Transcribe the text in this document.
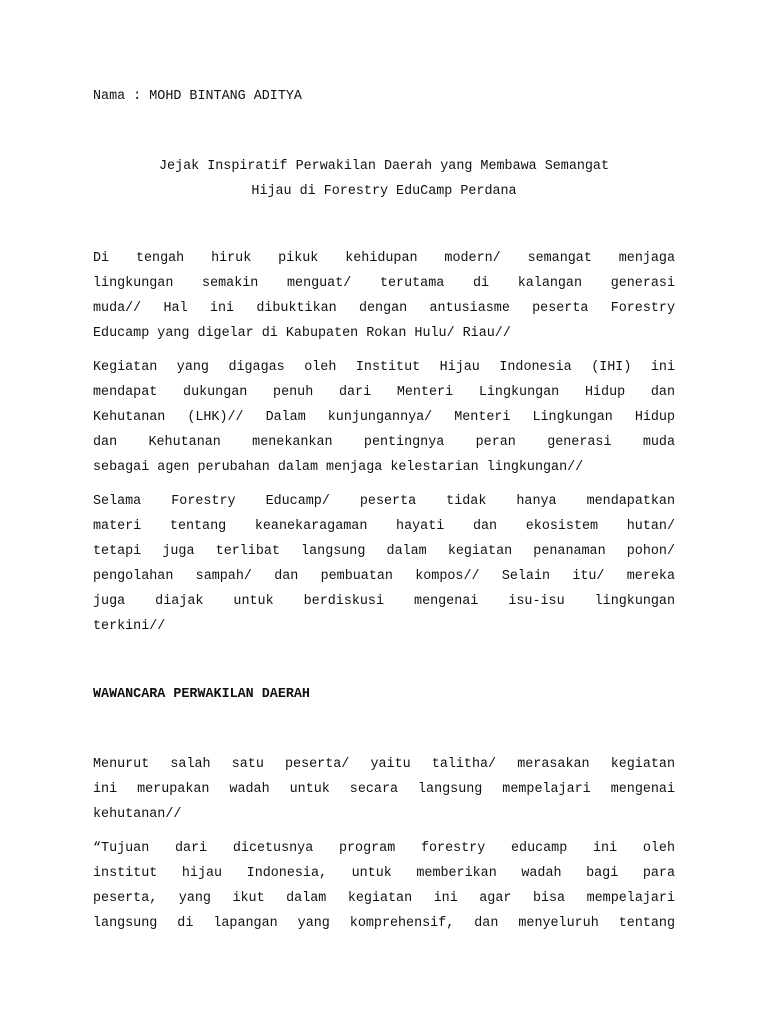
Nama : MOHD BINTANG ADITYA
Jejak Inspiratif Perwakilan Daerah yang Membawa Semangat
Hijau di Forestry EduCamp Perdana
Di tengah hiruk pikuk kehidupan modern/ semangat menjaga
lingkungan semakin menguat/ terutama di kalangan generasi
muda// Hal ini dibuktikan dengan antusiasme peserta Forestry
Educamp yang digelar di Kabupaten Rokan Hulu/ Riau//
Kegiatan yang digagas oleh Institut Hijau Indonesia (IHI) ini
mendapat dukungan penuh dari Menteri Lingkungan Hidup dan
Kehutanan (LHK)// Dalam kunjungannya/ Menteri Lingkungan Hidup
dan Kehutanan menekankan pentingnya peran generasi muda
sebagai agen perubahan dalam menjaga kelestarian lingkungan//
Selama Forestry Educamp/ peserta tidak hanya mendapatkan
materi tentang keanekaragaman hayati dan ekosistem hutan/
tetapi juga terlibat langsung dalam kegiatan penanaman pohon/
pengolahan sampah/ dan pembuatan kompos// Selain itu/ mereka
juga diajak untuk berdiskusi mengenai isu-isu lingkungan
terkini//
WAWANCARA PERWAKILAN DAERAH
Menurut salah satu peserta/ yaitu talitha/ merasakan kegiatan
ini merupakan wadah untuk secara langsung mempelajari mengenai
kehutanan//
“Tujuan dari dicetusnya program forestry educamp ini oleh
institut hijau Indonesia, untuk memberikan wadah bagi para
peserta, yang ikut dalam kegiatan ini agar bisa mempelajari
langsung di lapangan yang komprehensif, dan menyeluruh tentang
